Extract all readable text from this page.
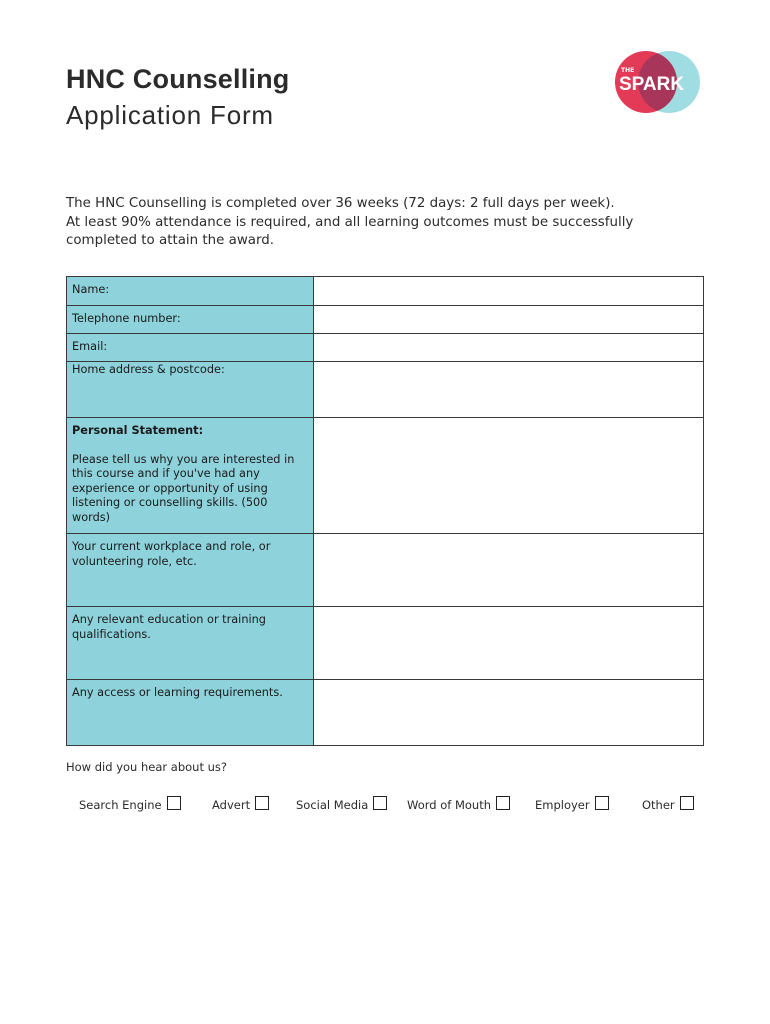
HNC Counselling
Application Form
THE
SPARK

The HNC Counselling is completed over 36 weeks (72 days: 2 full days per week).

At least 90% attendance is required, and all learning outcomes must be successfully completed to attain the award.

Name:	
Telephone number:	
Email:	
Home address & postcode:	

Personal Statement:
Please tell us why you are interested in this course and if you've had any experience or opportunity of using listening or counselling skills. (500 words)	

Your current workplace and role, or volunteering role, etc.	
Any relevant education or training qualifications.	
Any access or learning requirements.	
How did you hear about us?
Search Engine	Advert	Social Media	Word of Mouth	Employer	Other
